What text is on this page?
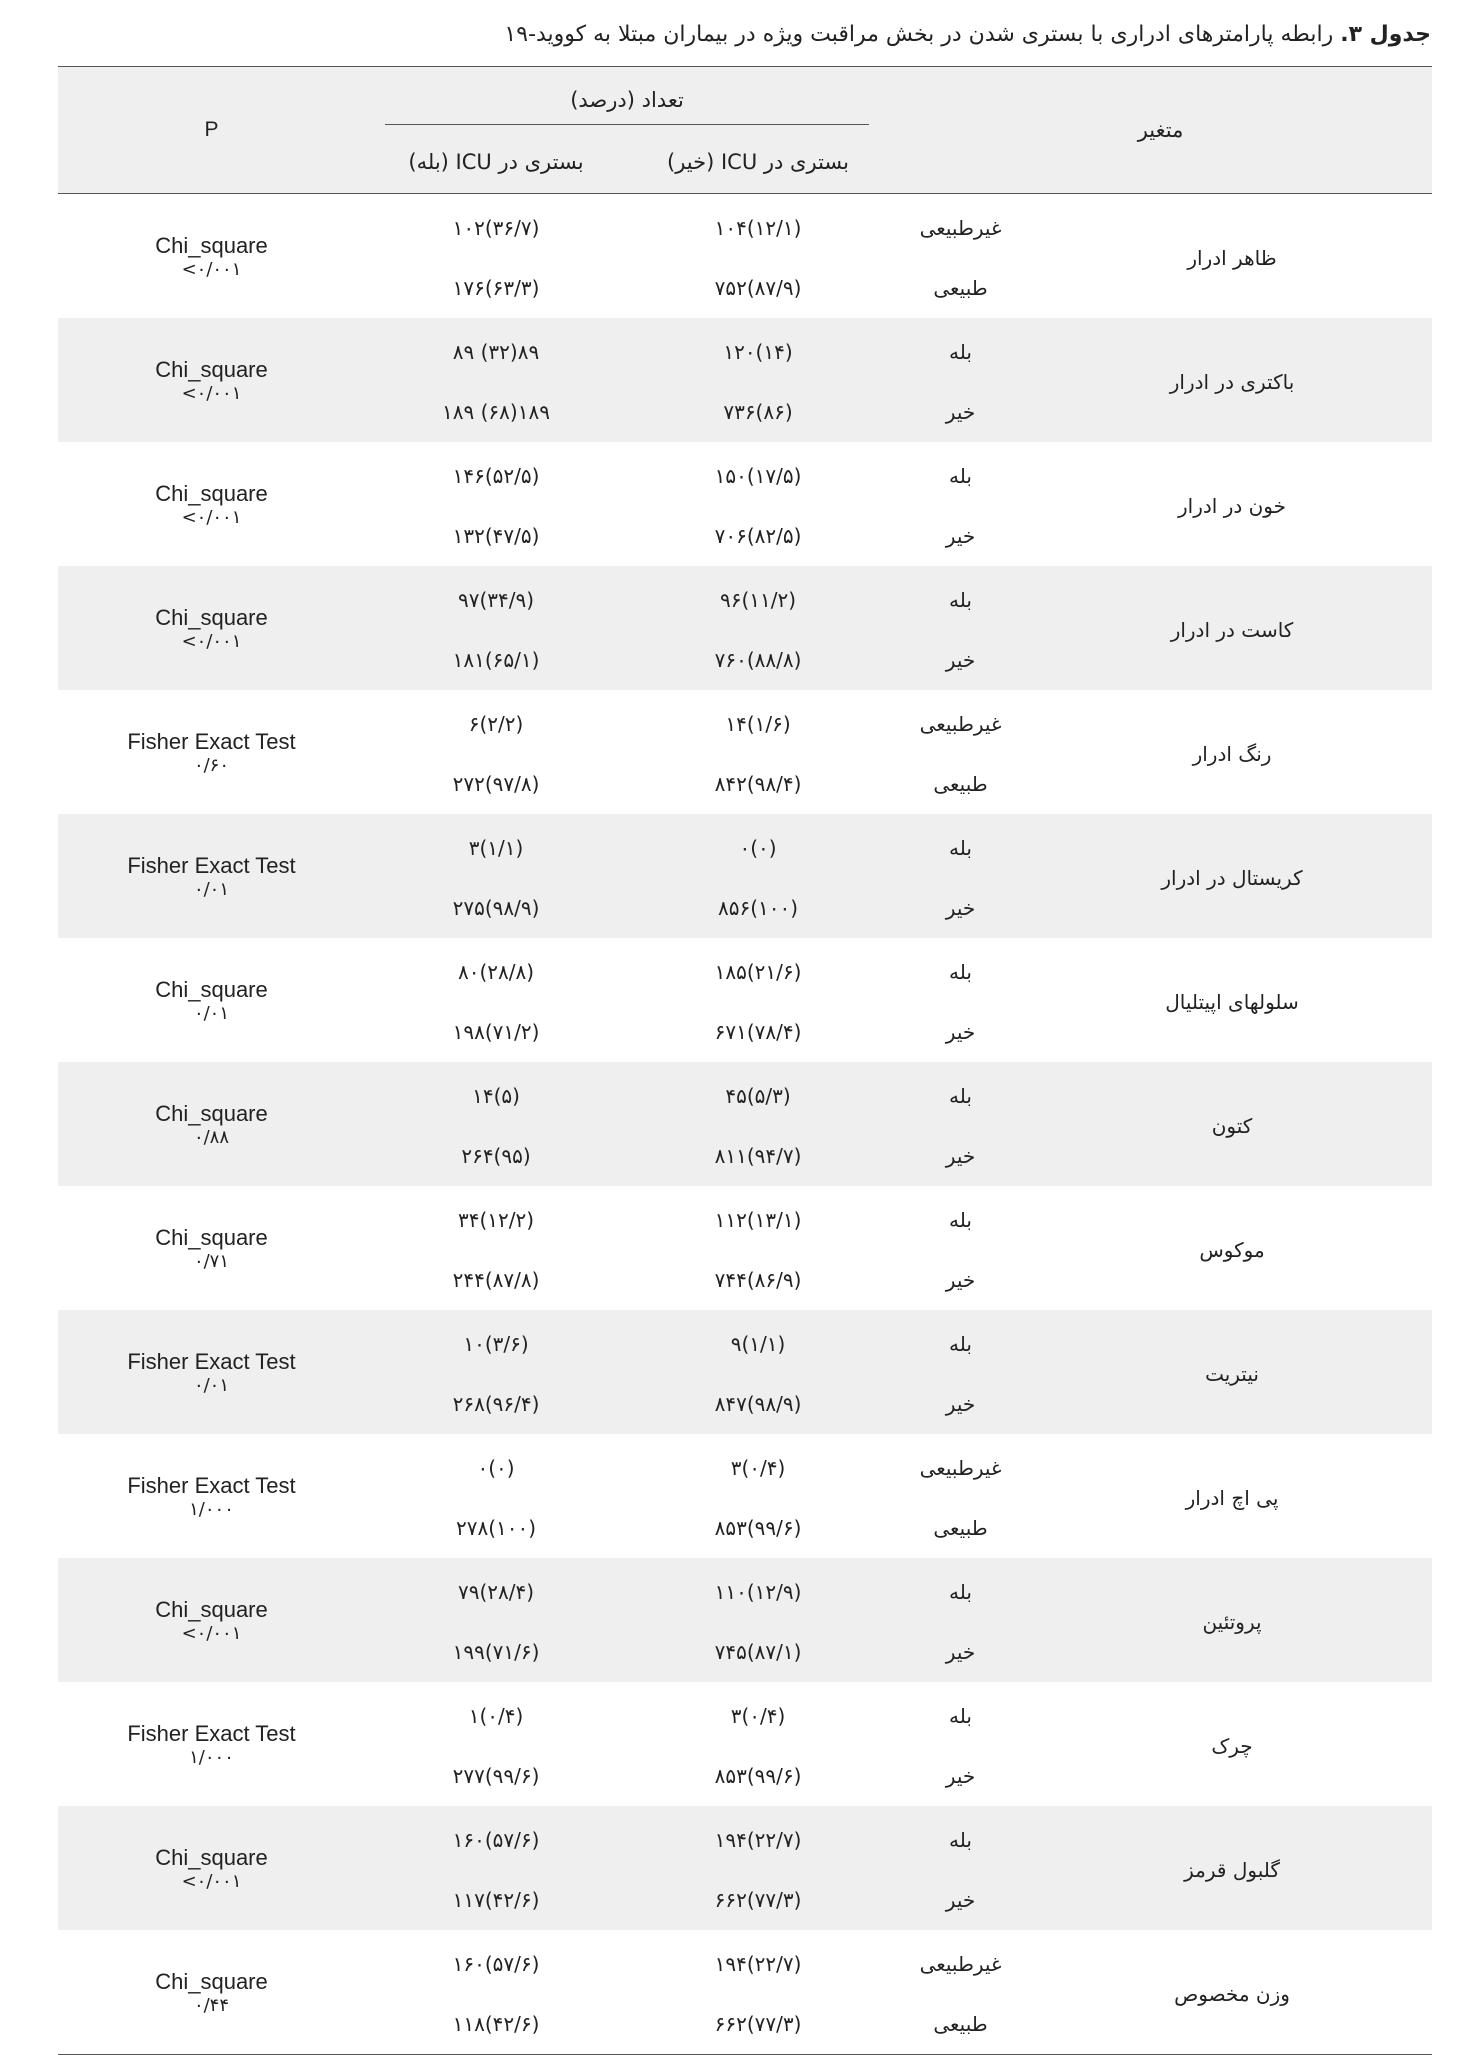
جدول ۳. رابطه پارامترهای ادراری با بستری شدن در بخش مراقبت ویژه در بیماران مبتلا به کووید-۱۹
P	تعداد (درصد)		متغیر	
	بستری در ICU (بله)	بستری در ICU (خیر)		

Chi_square
<۰/۰۰۱	۱۰۲(۳۶/۷)	۱۰۴(۱۲/۱)	غیرطبیعی	ظاهر ادرار
	۱۷۶(۶۳/۳)	۷۵۲(۸۷/۹)	طبیعی	

Chi_square
<۰/۰۰۱	۸۹ (۳۲)۸۹	۱۲۰(۱۴)	بله	باکتری در ادرار
	۱۸۹ (۶۸)۱۸۹	۷۳۶(۸۶)	خیر	

Chi_square
<۰/۰۰۱	۱۴۶(۵۲/۵)	۱۵۰(۱۷/۵)	بله	خون در ادرار
	۱۳۲(۴۷/۵)	۷۰۶(۸۲/۵)	خیر	

Chi_square
<۰/۰۰۱	۹۷(۳۴/۹)	۹۶(۱۱/۲)	بله	کاست در ادرار
	۱۸۱(۶۵/۱)	۷۶۰(۸۸/۸)	خیر	

Fisher Exact Test
۰/۶۰	۶(۲/۲)	۱۴(۱/۶)	غیرطبیعی	رنگ ادرار
	۲۷۲(۹۷/۸)	۸۴۲(۹۸/۴)	طبیعی	

Fisher Exact Test
۰/۰۱	۳(۱/۱)	۰(۰)	بله	کریستال در ادرار
	۲۷۵(۹۸/۹)	۸۵۶(۱۰۰)	خیر	

Chi_square
۰/۰۱	۸۰(۲۸/۸)	۱۸۵(۲۱/۶)	بله	سلولهای اپیتلیال
	۱۹۸(۷۱/۲)	۶۷۱(۷۸/۴)	خیر	

Chi_square
۰/۸۸	۱۴(۵)	۴۵(۵/۳)	بله	کتون
	۲۶۴(۹۵)	۸۱۱(۹۴/۷)	خیر	

Chi_square
۰/۷۱	۳۴(۱۲/۲)	۱۱۲(۱۳/۱)	بله	موکوس
	۲۴۴(۸۷/۸)	۷۴۴(۸۶/۹)	خیر	

Fisher Exact Test
۰/۰۱	۱۰(۳/۶)	۹(۱/۱)	بله	نیتریت
	۲۶۸(۹۶/۴)	۸۴۷(۹۸/۹)	خیر	

Fisher Exact Test
۱/۰۰۰	۰(۰)	۳(۰/۴)	غیرطبیعی	پی اچ ادرار
	۲۷۸(۱۰۰)	۸۵۳(۹۹/۶)	طبیعی	

Chi_square
<۰/۰۰۱	۷۹(۲۸/۴)	۱۱۰(۱۲/۹)	بله	پروتئین
	۱۹۹(۷۱/۶)	۷۴۵(۸۷/۱)	خیر	

Fisher Exact Test
۱/۰۰۰	۱(۰/۴)	۳(۰/۴)	بله	چرک
	۲۷۷(۹۹/۶)	۸۵۳(۹۹/۶)	خیر	

Chi_square
<۰/۰۰۱	۱۶۰(۵۷/۶)	۱۹۴(۲۲/۷)	بله	گلبول قرمز
	۱۱۷(۴۲/۶)	۶۶۲(۷۷/۳)	خیر	

Chi_square
۰/۴۴	۱۶۰(۵۷/۶)	۱۹۴(۲۲/۷)	غیرطبیعی	وزن مخصوص
	۱۱۸(۴۲/۶)	۶۶۲(۷۷/۳)	طبیعی	
